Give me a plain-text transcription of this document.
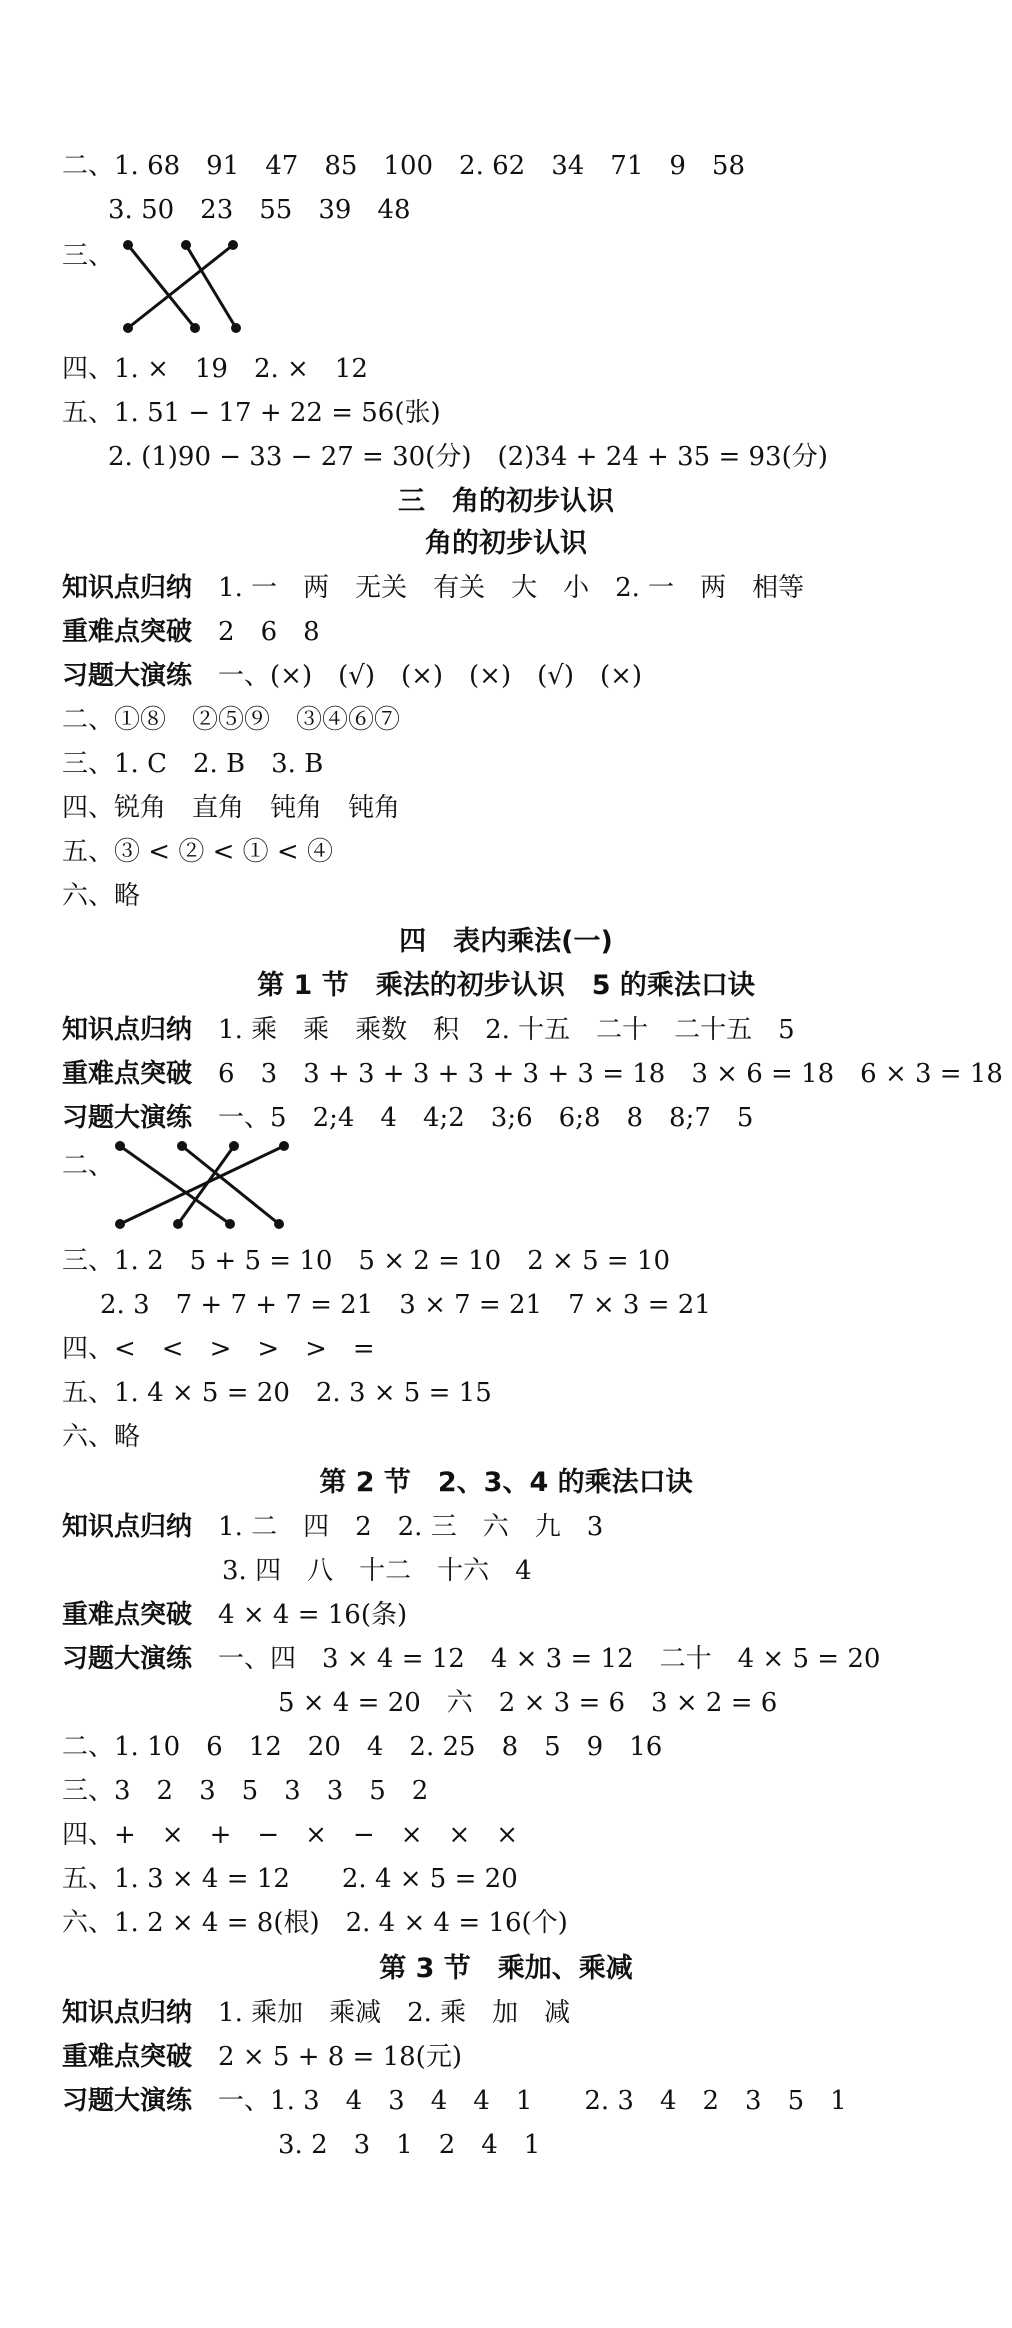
二、1. 68　91　47　85　100　2. 62　34　71　9　58
3. 50　23　55　39　48
三、
四、1. ×　19　2. ×　12
五、1. 51 − 17 + 22 = 56(张)
2. (1)90 − 33 − 27 = 30(分)　(2)34 + 24 + 35 = 93(分)
三　角的初步认识
角的初步认识
知识点归纳　 1. 一　两　无关　有关　大　小　2. 一　两　相等
重难点突破　 2　6　8
习题大演练　 一、(×)　(√)　(×)　(×)　(√)　(×)
二、①⑧　②⑤⑨　③④⑥⑦
三、1. C　2. B　3. B
四、锐角　直角　钝角　钝角
五、③ < ② < ① < ④
六、略
四　表内乘法(一)
第 1 节　乘法的初步认识　5 的乘法口诀
知识点归纳　 1. 乘　乘　乘数　积　2. 十五　二十　二十五　5
重难点突破　 6　3　3 + 3 + 3 + 3 + 3 + 3 = 18　3 × 6 = 18　6 × 3 = 18
习题大演练　 一、5　2;4　4　4;2　3;6　6;8　8　8;7　5
二、
三、1. 2　5 + 5 = 10　5 × 2 = 10　2 × 5 = 10
2. 3　7 + 7 + 7 = 21　3 × 7 = 21　7 × 3 = 21
四、<　<　>　>　>　=
五、1. 4 × 5 = 20　2. 3 × 5 = 15
六、略
第 2 节　2、3、4 的乘法口诀
知识点归纳　 1. 二　四　2　2. 三　六　九　3
3. 四　八　十二　十六　4
重难点突破　 4 × 4 = 16(条)
习题大演练　 一、四　3 × 4 = 12　4 × 3 = 12　二十　4 × 5 = 20
5 × 4 = 20　六　2 × 3 = 6　3 × 2 = 6
二、1. 10　6　12　20　4　2. 25　8　5　9　16
三、3　2　3　5　3　3　5　2
四、+　×　+　−　×　−　×　×　×
五、1. 3 × 4 = 12　　2. 4 × 5 = 20
六、1. 2 × 4 = 8(根)　2. 4 × 4 = 16(个)
第 3 节　乘加、乘减
知识点归纳　 1. 乘加　乘减　2. 乘　加　减
重难点突破　 2 × 5 + 8 = 18(元)
习题大演练　 一、1. 3　4　3　4　4　1　　2. 3　4　2　3　5　1
3. 2　3　1　2　4　1
